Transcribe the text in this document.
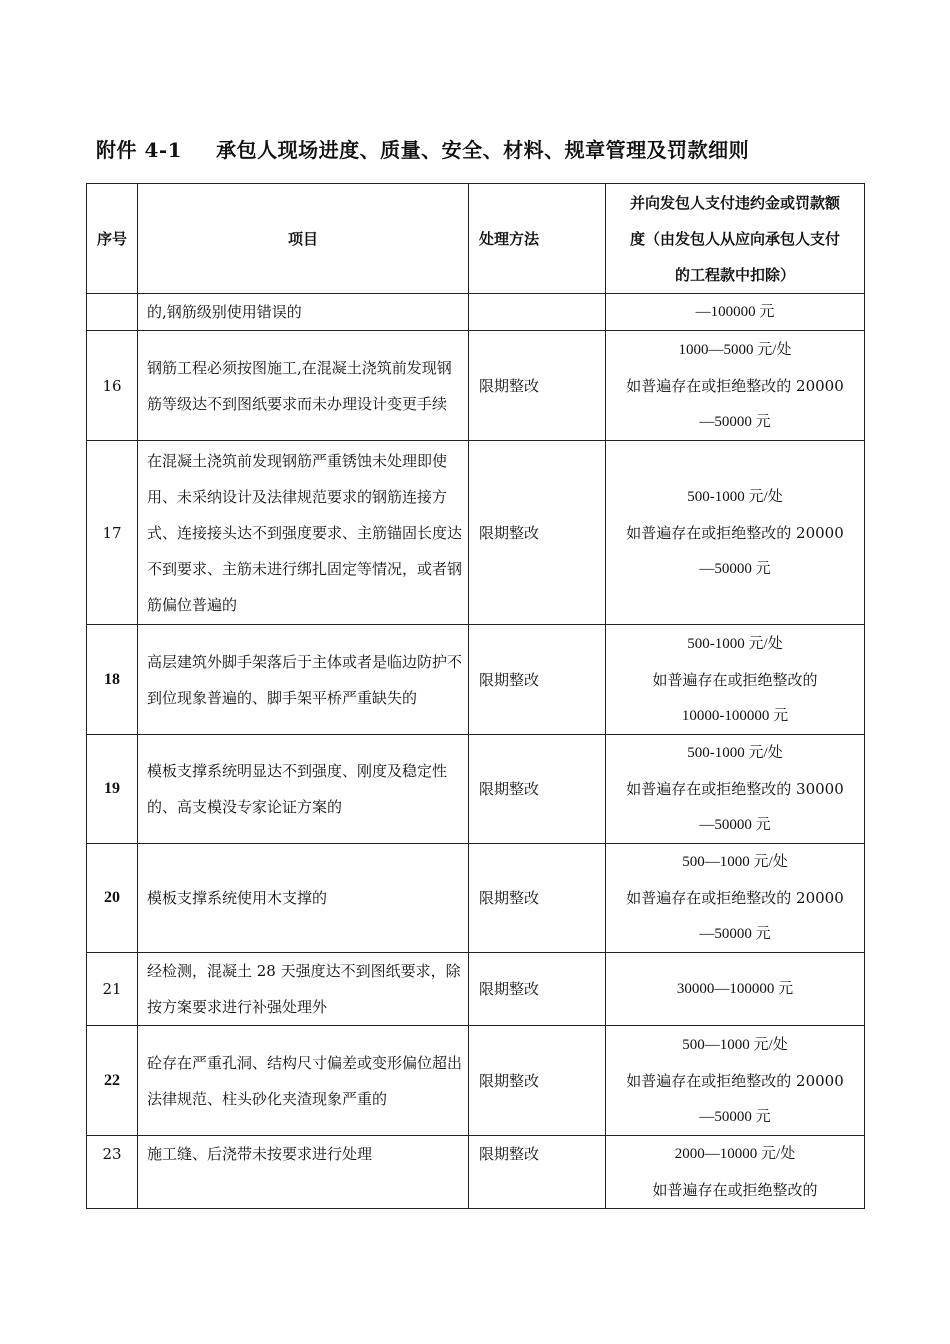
附件 4-1 承包人现场进度、质量、安全、材料、规章管理及罚款细则
序号	项目	处理方法	并向发包人支付违约金或罚款额
度（由发包人从应向承包人支付
的工程款中扣除）

	的,钢筋级别使用错误的		—100000 元

16	钢筋工程必须按图施工,在混凝土浇筑前发现钢筋等级达不到图纸要求而未办理设计变更手续	限期整改	1000—5000 元/处
如普遍存在或拒绝整改的 20000
—50000 元

17	在混凝土浇筑前发现钢筋严重锈蚀未处理即使用、未采纳设计及法律规范要求的钢筋连接方式、连接接头达不到强度要求、主筋锚固长度达不到要求、主筋未进行绑扎固定等情况，或者钢筋偏位普遍的	限期整改	500-1000 元/处
如普遍存在或拒绝整改的 20000
—50000 元

18	高层建筑外脚手架落后于主体或者是临边防护不到位现象普遍的、脚手架平桥严重缺失的	限期整改	500-1000 元/处
如普遍存在或拒绝整改的
10000-100000 元

19	模板支撑系统明显达不到强度、刚度及稳定性的、高支模没专家论证方案的	限期整改	500-1000 元/处
如普遍存在或拒绝整改的 30000
—50000 元

20	模板支撑系统使用木支撑的	限期整改	500—1000 元/处
如普遍存在或拒绝整改的 20000
—50000 元

21	经检测，混凝土 28 天强度达不到图纸要求，除按方案要求进行补强处理外	限期整改	30000—100000 元

22	砼存在严重孔洞、结构尺寸偏差或变形偏位超出法律规范、柱头砂化夹渣现象严重的	限期整改	500—1000 元/处
如普遍存在或拒绝整改的 20000
—50000 元

23	施工缝、后浇带未按要求进行处理	限期整改	2000—10000 元/处
如普遍存在或拒绝整改的
